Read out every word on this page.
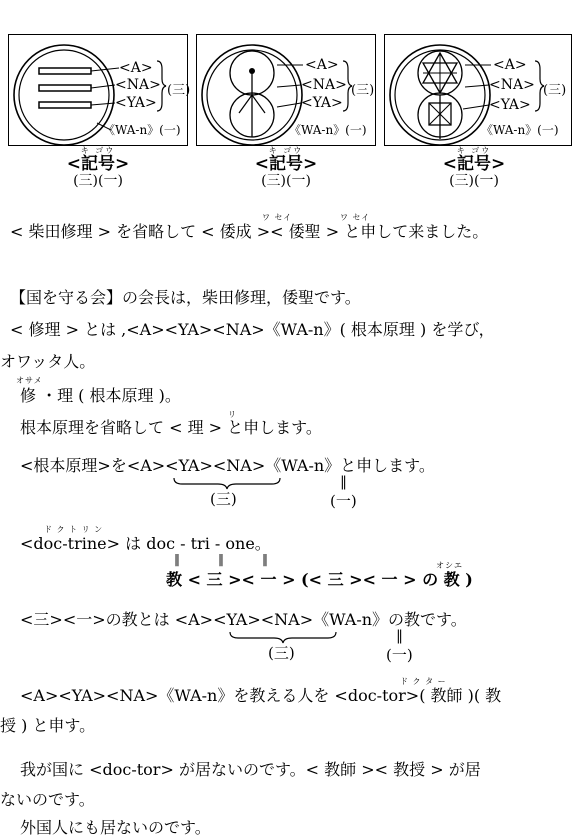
<A>
<NA>
<YA>
(三)
《WA-n》(一)
<A>
<NA>
<YA>
(三)
《WA-n》(一)
<A>
<NA>
<YA>
(三)
《WA-n》(一)
キ ゴウ
<記号>
(三)(一)
キ ゴウ
<記号>
(三)(一)
キ ゴウ
<記号>
(三)(一)
ワ セイ	ワ セイ
< 柴田修理 > を省略して < 倭成 >< 倭聖 > と申して来ました。
【国を守る会】の会長は，柴田修理，倭聖です。
< 修理 > とは ,<A><YA><NA>《WA-n》( 根本原理 ) を学び，
オワッタ人。
オサメ
修 ・理 ( 根本原理 )。
リ
根本原理を省略して < 理 > と申します。
<根本原理>を<A><YA><NA>《WA-n》と申します。
(三)
‖
(一)
ド ク ト リ ン
<doc-trine> は doc - tri - one。
‖	‖	‖	オシエ
教 < 三 >< 一 > (< 三 >< 一 > の 教 )
<三><一>の教とは <A><YA><NA>《WA-n》の教です。
(三)
‖
(一)
ド ク タ ー
<A><YA><NA>《WA-n》を教える人を <doc-tor>( 教師 )( 教
授 ) と申す。
我が国に <doc-tor> が居ないのです。< 教師 >< 教授 > が居
ないのです。
外国人にも居ないのです。
